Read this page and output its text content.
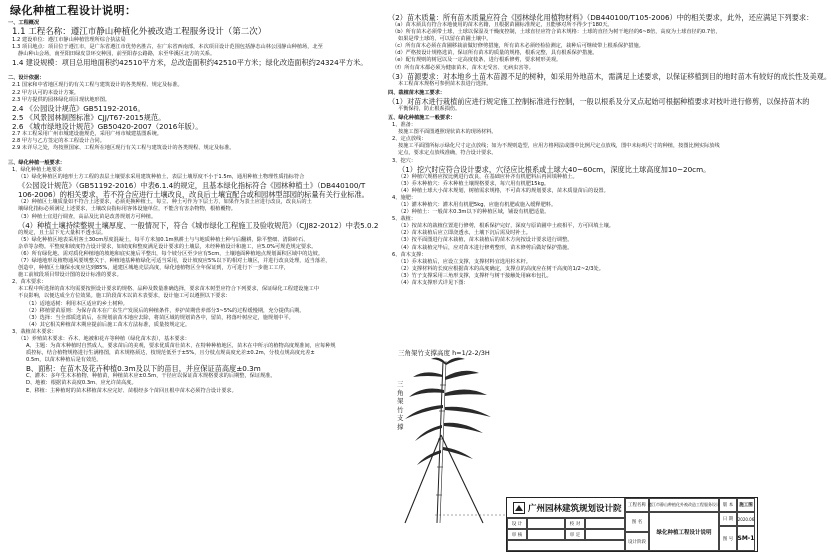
绿化种植工程设计说明：
一、工程概况
1.1 工程名称：遵江市静山种植化外被改造工程服务设计（第二次）
1.2 建设单位：遵江市静山种植管理所综合执法局
1.3 项目地点：项目位于遵江市，是广东省遵江市优势名胜古，在广东省西南部，本次项目设计范围包括静态山林公园静山种植场，北至
静山种山会场，南至阳田绿皮景环交种园，前至阳春公路路，东至华溪区北方的关系。
1.4 建设规模：项目总用地面积约42510平方米，总改造面积约42510平方米；绿化改造面积约24324平方米。
二、设计依据：
2.1 国家和中省地区现行的有关工程与建筑设计的各类规程、规定及标准。
2.2 甲方认可的本设计方案。
2.3 甲方提供的园林绿化项目现状地形图。
2.4 《公园设计规范》GB51192-2016。
2.5 《风景园林制图标准》CJJ/T67-2015规范。
2.6 《城市绿地设计规范》GB50420-2007（2016年版）。
2.7 本工程采用广州市城建设施规范，采用广州市城建基图系统。
2.8 甲方与乙方签定的本工程设计合同。
2.9 未详尽之处，均按照国家、工程所在地区现行有关工程与建筑设计的各类规程、规定及标准。
三、绿化种植一般要求：
1、绿化种植土地要求
（1）绿化种植区的地形土方工程的表层土壤要求采用建筑种植土，表层土壤厚度不小于1.5m，通用种植土物理性质指标符合
《公园设计规范》（GB51192-2016）中表6.1.4的规定，且基本绿化指标符合《园林种植土》（DB440100/T
106-2006）的相关要求，若不符合应进行土壤改良，改良后土壤宜配合或和园林型部园的标量有关行业标准。
（2）种植区土壤质量如不符合上述要求，必须更换种植土，每立、种土可作为下层土方，如果作为表土应进行改良，改良后的土
壤绿化指标必须满足上述要求，土壤改良指标用客体设施单位，不能含有害杂物物，根植覆物。
（3）种植土宜进行调查，高品及比苗是改善规划方可种植。
（4）种植土壤持续整规土壤厚度、一般情况下，符合《城市绿化工程施工及验收规范》（CJJ82-2012）中表5.0.2
的规定，且土层下无大量积不透水层。
（5）绿化种植区地表采用客土30cm厚度混凝土，每平方米加0.1m熟耕土与与地质种植土种与后翻耕，除平整细、清除砖石、
杂草等杂物。平整度和坡度符合设计要求，如坡度和整度满足设计要求的土壤层，未经种植设计和施工，应5.0%可规范规定要求。
（6）所有绿化地、需对质化种植地的坡地和底实施后平整出，每个坡分区至少应有5cm，土壤地面种植地点规划面积区域中的边坡。
（7）绿地地形及植物通风要规整关于、种植地基种植绿化可适当采用，设计坡度应5%以下的相对土壤区，并进行改良处理，适当落差，
创造中，种植区土壤保水度应达到85%，通建区城地壳层高度，绿化地植物区全年保证到，方可进行下一步施工工序，
施工前坡段项目带设计图的设计标准的要求。
2、苗木要求：
本工程中所选择的苗木均需要按照设计要求的规格、品种及数量准确选择，要求苗木树型应符合下列要求，保证绿化工程建设施工中
不良影响，以便达成全方位效果。施工阶段苗木以苗木表要求，设计施工可以遵照以下要求：
（1）适地适树：利用本区适应的乡土树种。
（2）移植要苗原则：为保存苗木在广东生产发展后的种植条件，养护苗期营养部分3~5%的过程缓慢期，充分提供后期。
（3）选择：当全部质选苗后，在规划前苗木地应去除，将苗区域的规划苗各中，留苗，将落叶树应定，施规划中平。
（4）其它相关种植苗木期应提前后施工苗木方法标准，质量按规定定。
3、栽植苗木要求：
（1）养殖苗木要求：乔木、地被和花卉等种植（绿化苗木表），基本要求：
A、主题：为苗木种植时自然成人，要求苗后的美观，要求优质苗壮苗木，在特种种植地区，苗木在中所示的植物高度规准间，应每种规
质控标，结合植物规格进行生满格图，苗木规格须达，枝规范低至于±5%，且分枝点规高度允差±0.2m，分枝点规高度允差±
0.5m，以苗木种植后是有效范。
B、面积：在苗木及花卉种植0.3m及以下的苗目，并应保证苗高度±0.3m
C、灌木：多年生木本植物、种植苗，种植苗木应±0.5m，干径应以保证苗木规格要求的后期整，保证规准。
D、地被：根据苗木高度0.3m、应允许苗高度。
E、移植：主种植时的苗木移植苗木应完好、苗根经多个苗回且根中苗木必须符合设计要求。
（2）苗木质量：所有苗木质量应符合《园林绿化用植物材料》（DB440100/T105-2006）中的相关要求，此外，还应满足下列要求：
（a）苗木须具有符合本地使用的苗木名籍，且根据苗圃标准规定，且能够对所不得少于180天。
（b）所有苗木必须带土球，土球以保湿及干燥度控制，土球直径应符合苗木规格：土球的直径为树干地径的6~8倍，高度为土球直径的0.7倍，
如果是带土球的，可以留在苗圃土壤中。
（c）所有苗木必须在苗圃移栽前做好修剪措施，所有苗木必须经检验测定，栽种后可继续带上根系保护措施。
（d）严格按设计规格选苗，保证所有苗木的质量的规格，根系完整，具有根系保护措施。
（e）配有规则的树冠以及一定高度枝条，进行根系修剪，要求树形美观。
（f）所有苗木都必须为健康苗木，苗木无受害、无病虫害等。
（3）苗源要求：对本地乡土苗木苗源不足的树种，如采用外地苗木，需满足上述要求，以保证移植到目的地时苗木有较好的成长性及美观。
本工程苗木规格可参照苗木表进行选择。
四、栽植苗木施工要求：
（1）对苗木进行栽植前应进行规定施工控制标准进行控制，一般以根系及分叉点起始可根据种植要求对枝叶进行修剪，以保持苗木的
平衡保持，防止根系损伤。
五、绿化种植施工一般要求：
1、准备：
按施工图平面图遵照现状苗木的现场材料。
2、定点放线：
按施工平面图所标示绿化尺寸定点放线；如为不规则造型，应用方格网法或图中比例尺定点放线，图中未标明尺寸的种植，按图比例实际放线
定点，要求定点放线准确，符合设计要求。
3、挖穴：
（1）挖穴时应符合设计要求，穴径应比根系或土球大40~60cm，深度比土球高度加10~20cm。
（2）种植穴规格应按比例进行改良，在基础应补齐有机肥料后再回填种植土。
（3）乔木种植穴：乔木种植土壤规格要求，每穴用有机肥15kg。
（4）种植土球大小苗木规划，树植需求规格，不可苗木的规划要求，苗木质量苗后的设置。
4、施肥：
（1）灌木种植穴：灌木用有机肥5kg，应施有机肥或施入缓释肥料。
（2）种植土：一般苗木0.3m以下的种植区域，铺设有机肥适量。
5、栽植：
（1）按苗木的栽植位置进行修剪，根系保护完好，深度与原苗圃中土痕相平，方可回填土壤。
（2）苗木栽植后应立即浇透水，土壤下沉后需及时补土。
（3）按平面图进行苗木栽植，苗木栽植后的苗木方向按设计要求进行调整。
（4）苗木栽植完毕后，应对苗木进行修剪整形，苗木修剪后做好保护措施。
6、苗木支撑：
（1）乔木栽植后，应设立支撑，支撑材料宜选用杉木杆。
（2）支撑材料的长度应根据苗木的高度确定，支撑点的高度应在树干高度的1/2~2/3处。
（3）竹子支撑采用三角形支撑，支撑杆与树干接触处用麻布包扎。
（4）苗木支撑形式详见下图：
三角架竹支撑高度 h=1/2-2/3H
三角架竹支撑
广州园林建筑规划设计院
设 计	校 对
审 核	审 定
工程名称 遵江市静山种植化外被改造工程服务设计
图 名
绿化种植工程设计说明
设计阶段
版 本	施工图
日 期	2020.06
图 号 SM-1
